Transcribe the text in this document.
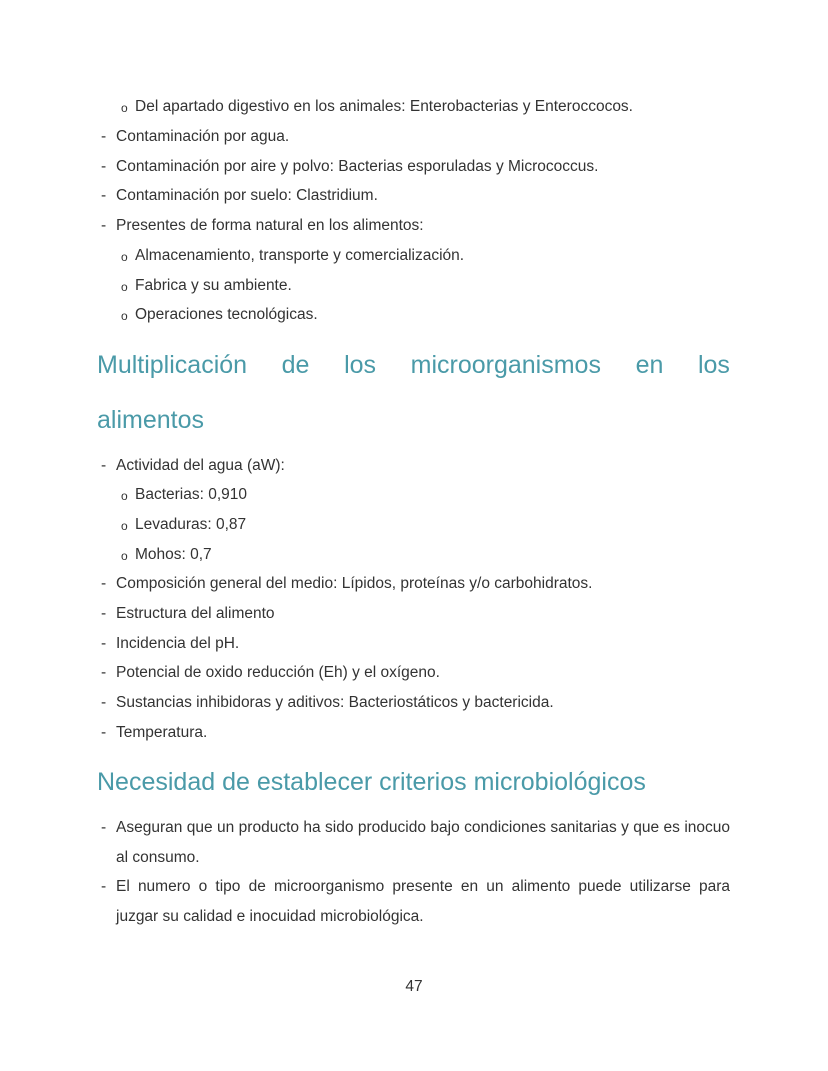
o Del apartado digestivo en los animales: Enterobacterias y Enteroccocos.
- Contaminación por agua.
- Contaminación por aire y polvo: Bacterias esporuladas y Micrococcus.
- Contaminación por suelo: Clastridium.
- Presentes de forma natural en los alimentos:
o Almacenamiento, transporte y comercialización.
o Fabrica y su ambiente.
o Operaciones tecnológicas.
Multiplicación de los microorganismos en los
alimentos
- Actividad del agua (aW):
o Bacterias: 0,910
o Levaduras: 0,87
o Mohos: 0,7
- Composición general del medio: Lípidos, proteínas y/o carbohidratos.
- Estructura del alimento
- Incidencia del pH.
- Potencial de oxido reducción (Eh) y el oxígeno.
- Sustancias inhibidoras y aditivos: Bacteriostáticos y bactericida.
- Temperatura.
Necesidad de establecer criterios microbiológicos
- Aseguran que un producto ha sido producido bajo condiciones sanitarias y que es inocuo al consumo.
- El numero o tipo de microorganismo presente en un alimento puede utilizarse para juzgar su calidad e inocuidad microbiológica.
47
